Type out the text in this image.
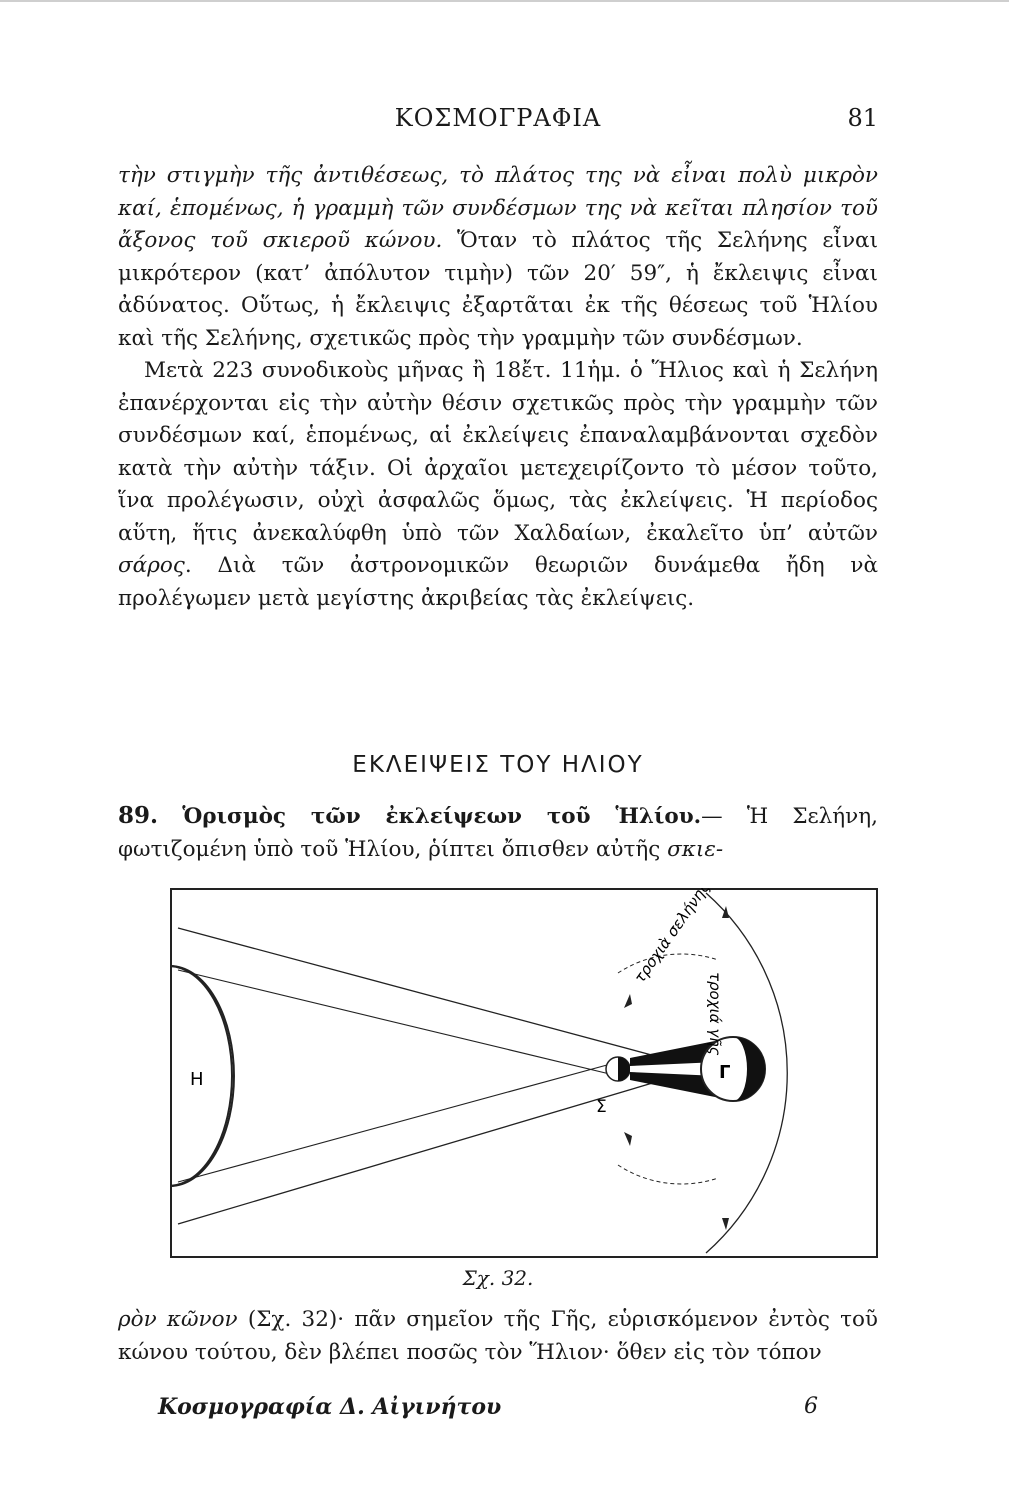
ΚΟΣΜΟΓΡΑΦΙΑ	81

τὴν στιγμὴν τῆς ἀντιθέσεως, τὸ πλάτος της νὰ εἶναι πολὺ μικρὸν καί, ἑπομένως, ἡ γραμμὴ τῶν συνδέσμων της νὰ κεῖται πλησίον τοῦ ἄξονος τοῦ σκιεροῦ κώνου. Ὅταν τὸ πλάτος τῆς Σελήνης εἶναι μικρότερον (κατ’ ἀπόλυτον τιμὴν) τῶν 20′ 59″, ἡ ἔκλειψις εἶναι ἀδύνατος. Οὕτως, ἡ ἔκλειψις ἐξαρτᾶται ἐκ τῆς θέσεως τοῦ Ἡλίου καὶ τῆς Σελήνης, σχετικῶς πρὸς τὴν γραμμὴν τῶν συνδέσμων.

Μετὰ 223 συνοδικοὺς μῆνας ἢ 18ἔτ. 11ἡμ. ὁ Ἥλιος καὶ ἡ Σελήνη ἐπανέρχονται εἰς τὴν αὐτὴν θέσιν σχετικῶς πρὸς τὴν γραμμὴν τῶν συνδέσμων καί, ἑπομένως, αἱ ἐκλείψεις ἐπαναλαμβάνονται σχεδὸν κατὰ τὴν αὐτὴν τάξιν. Οἱ ἀρχαῖοι μετεχειρίζοντο τὸ μέσον τοῦτο, ἵνα προλέγωσιν, οὐχὶ ἀσφαλῶς ὅμως, τὰς ἐκλείψεις. Ἡ περίοδος αὕτη, ἥτις ἀνεκαλύφθη ὑπὸ τῶν Χαλδαίων, ἐκαλεῖτο ὑπ’ αὐτῶν σάρος. Διὰ τῶν ἀστρονομικῶν θεωριῶν δυνάμεθα ἤδη νὰ προλέγωμεν μετὰ μεγίστης ἀκριβείας τὰς ἐκλείψεις.

ΕΚΛΕΙΨΕΙΣ ΤΟΥ ΗΛΙΟΥ
89. Ὁρισμὸς τῶν ἐκλείψεων τοῦ Ἡλίου.— Ἡ Σελήνη, φωτιζομένη ὑπὸ τοῦ Ἡλίου, ῥίπτει ὄπισθεν αὐτῆς σκιε-
Η
Σ
Γ
τροχιὰ σελήνης
τροχιά γῆς
Σχ. 32.
ρὸν κῶνον (Σχ. 32)· πᾶν σημεῖον τῆς Γῆς, εὑρισκόμενον ἐντὸς τοῦ κώνου τούτου, δὲν βλέπει ποσῶς τὸν Ἥλιον· ὅθεν εἰς τὸν τόπον
Κοσμογραφία Δ. Αἰγινήτου	6
